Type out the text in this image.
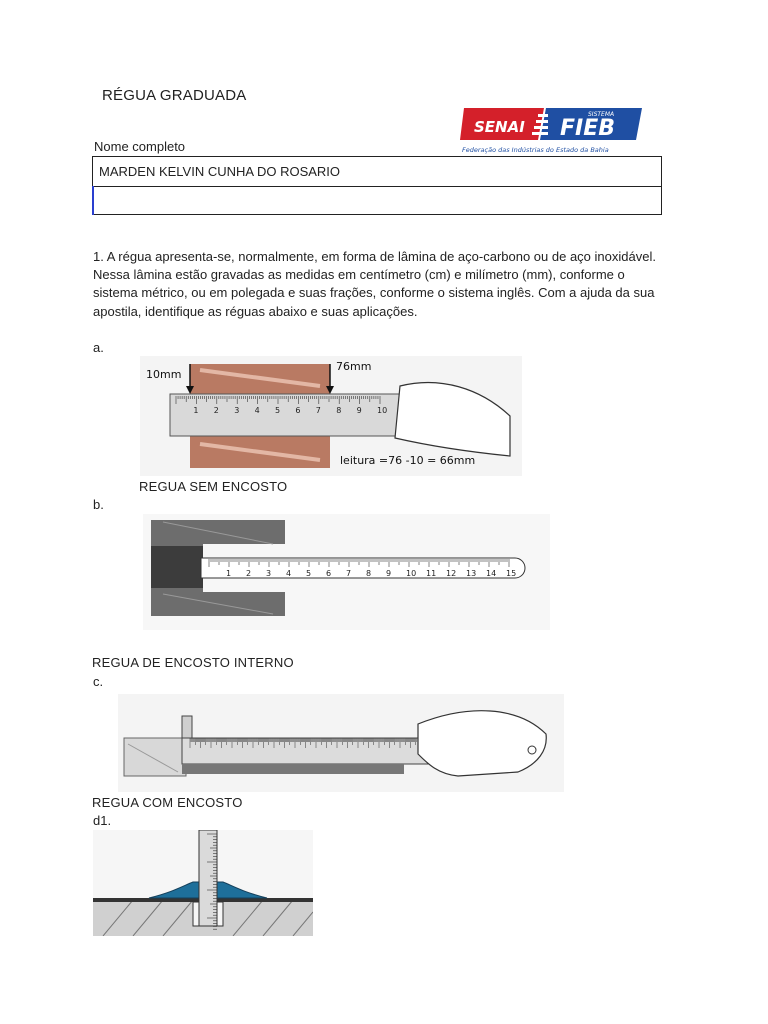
RÉGUA GRADUADA
SENAI FIEB
SISTEMA
Federação das Indústrias do Estado da Bahia
Nome completo
MARDEN KELVIN CUNHA DO ROSARIO
1. A régua apresenta-se, normalmente, em forma de lâmina de aço-carbono ou de aço inoxidável. Nessa lâmina estão gravadas as medidas em centímetro (cm) e milímetro (mm), conforme o sistema métrico, ou em polegada e suas frações, conforme o sistema inglês. Com a ajuda da sua apostila, identifique as réguas abaixo e suas aplicações.
a.
1 2 3 4 5 6 7 8 9 10
10mm
76mm
leitura =76 -10 = 66mm
REGUA SEM ENCOSTO
b.
1 2 3 4 5 6 7 8 9 10 11 12 13 14 15
REGUA DE ENCOSTO INTERNO
c.
REGUA COM ENCOSTO
d1.
